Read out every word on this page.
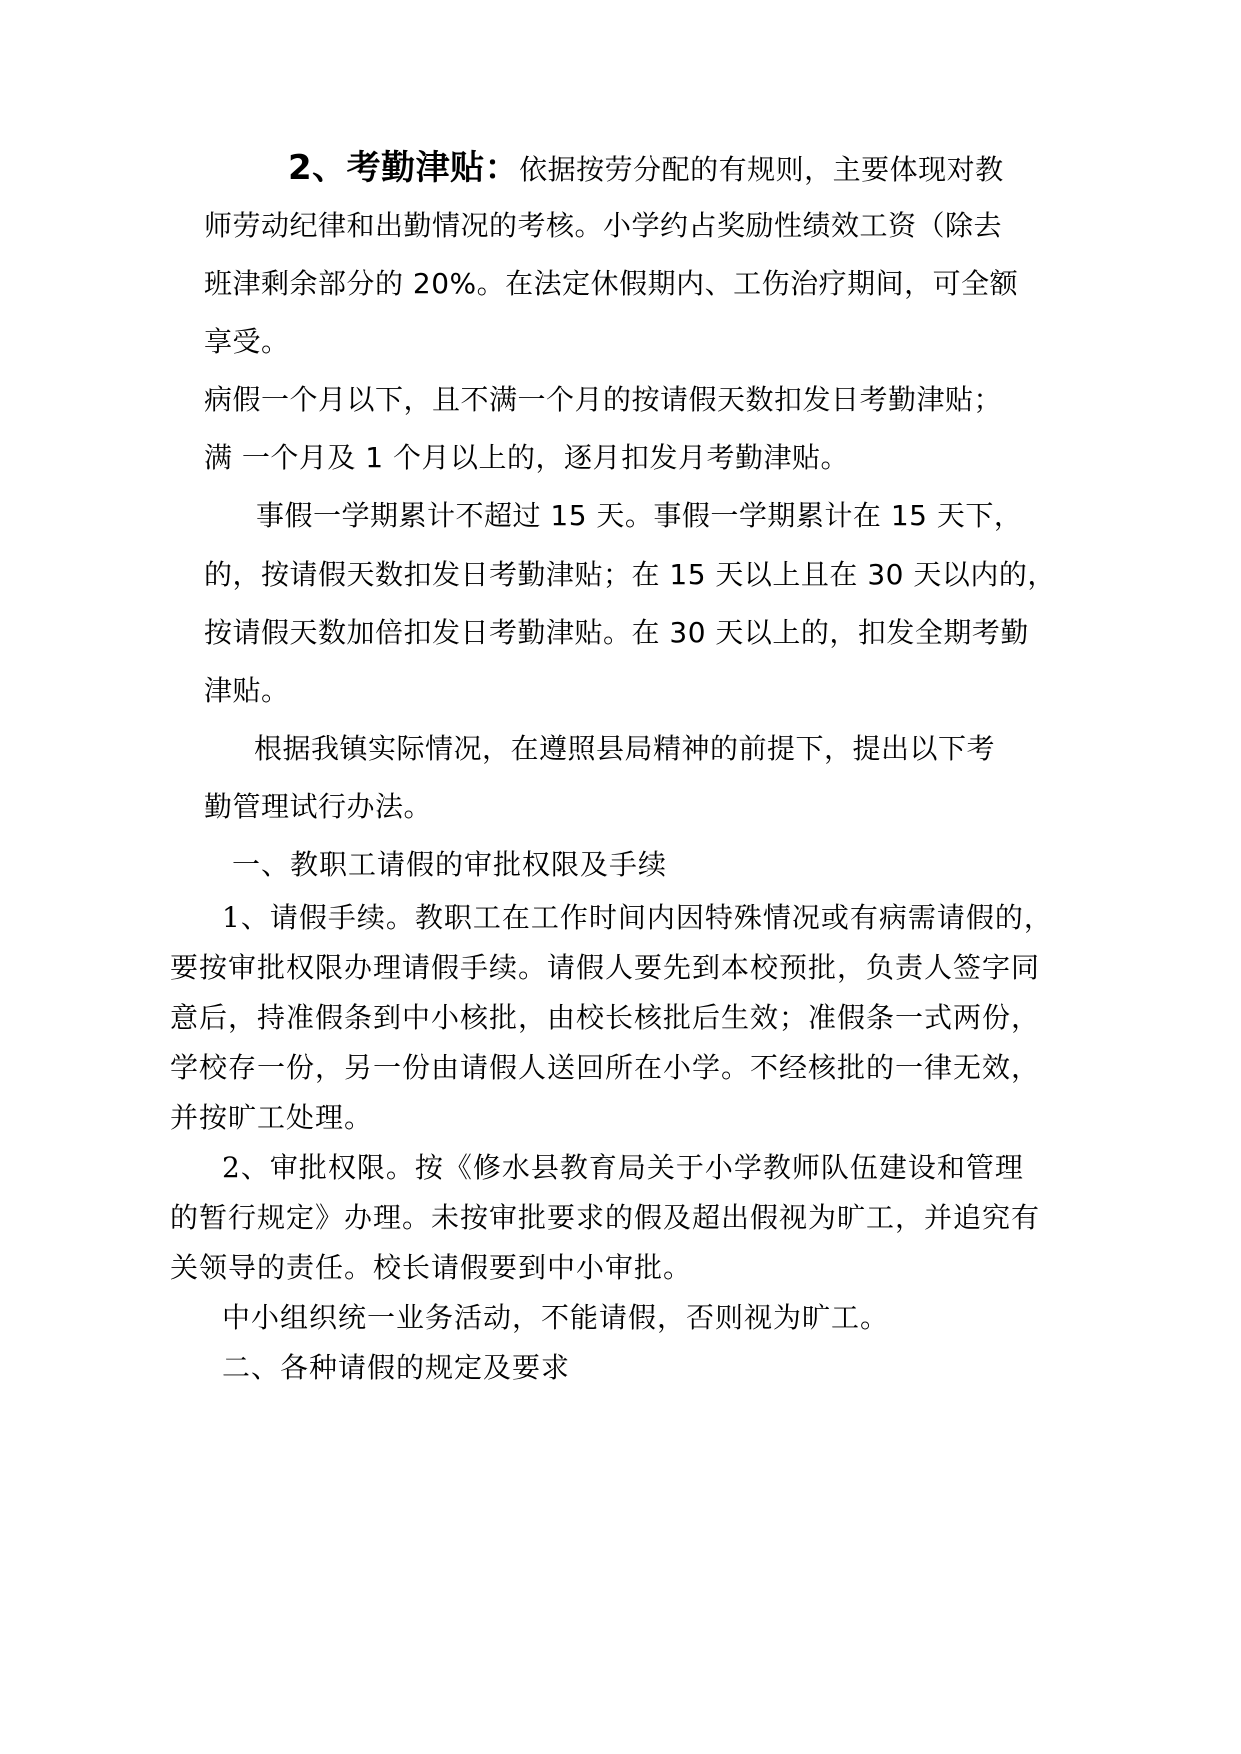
2、考勤津贴：依据按劳分配的有规则，主要体现对教
师劳动纪律和出勤情况的考核。小学约占奖励性绩效工资（除去
班津剩余部分的 20%。在法定休假期内、工伤治疗期间，可全额
享受。
病假一个月以下，且不满一个月的按请假天数扣发日考勤津贴；
满 一个月及 1 个月以上的，逐月扣发月考勤津贴。
事假一学期累计不超过 15 天。事假一学期累计在 15 天下，
的，按请假天数扣发日考勤津贴；在 15 天以上且在 30 天以内的，
按请假天数加倍扣发日考勤津贴。在 30 天以上的，扣发全期考勤
津贴。
根据我镇实际情况，在遵照县局精神的前提下，提出以下考
勤管理试行办法。
一、教职工请假的审批权限及手续
1、请假手续。教职工在工作时间内因特殊情况或有病需请假的，
要按审批权限办理请假手续。请假人要先到本校预批，负责人签字同
意后，持准假条到中小核批，由校长核批后生效；准假条一式两份，
学校存一份，另一份由请假人送回所在小学。不经核批的一律无效，
并按旷工处理。
2、审批权限。按《修水县教育局关于小学教师队伍建设和管理
的暂行规定》办理。未按审批要求的假及超出假视为旷工，并追究有
关领导的责任。校长请假要到中小审批。
中小组织统一业务活动，不能请假，否则视为旷工。
二、各种请假的规定及要求
